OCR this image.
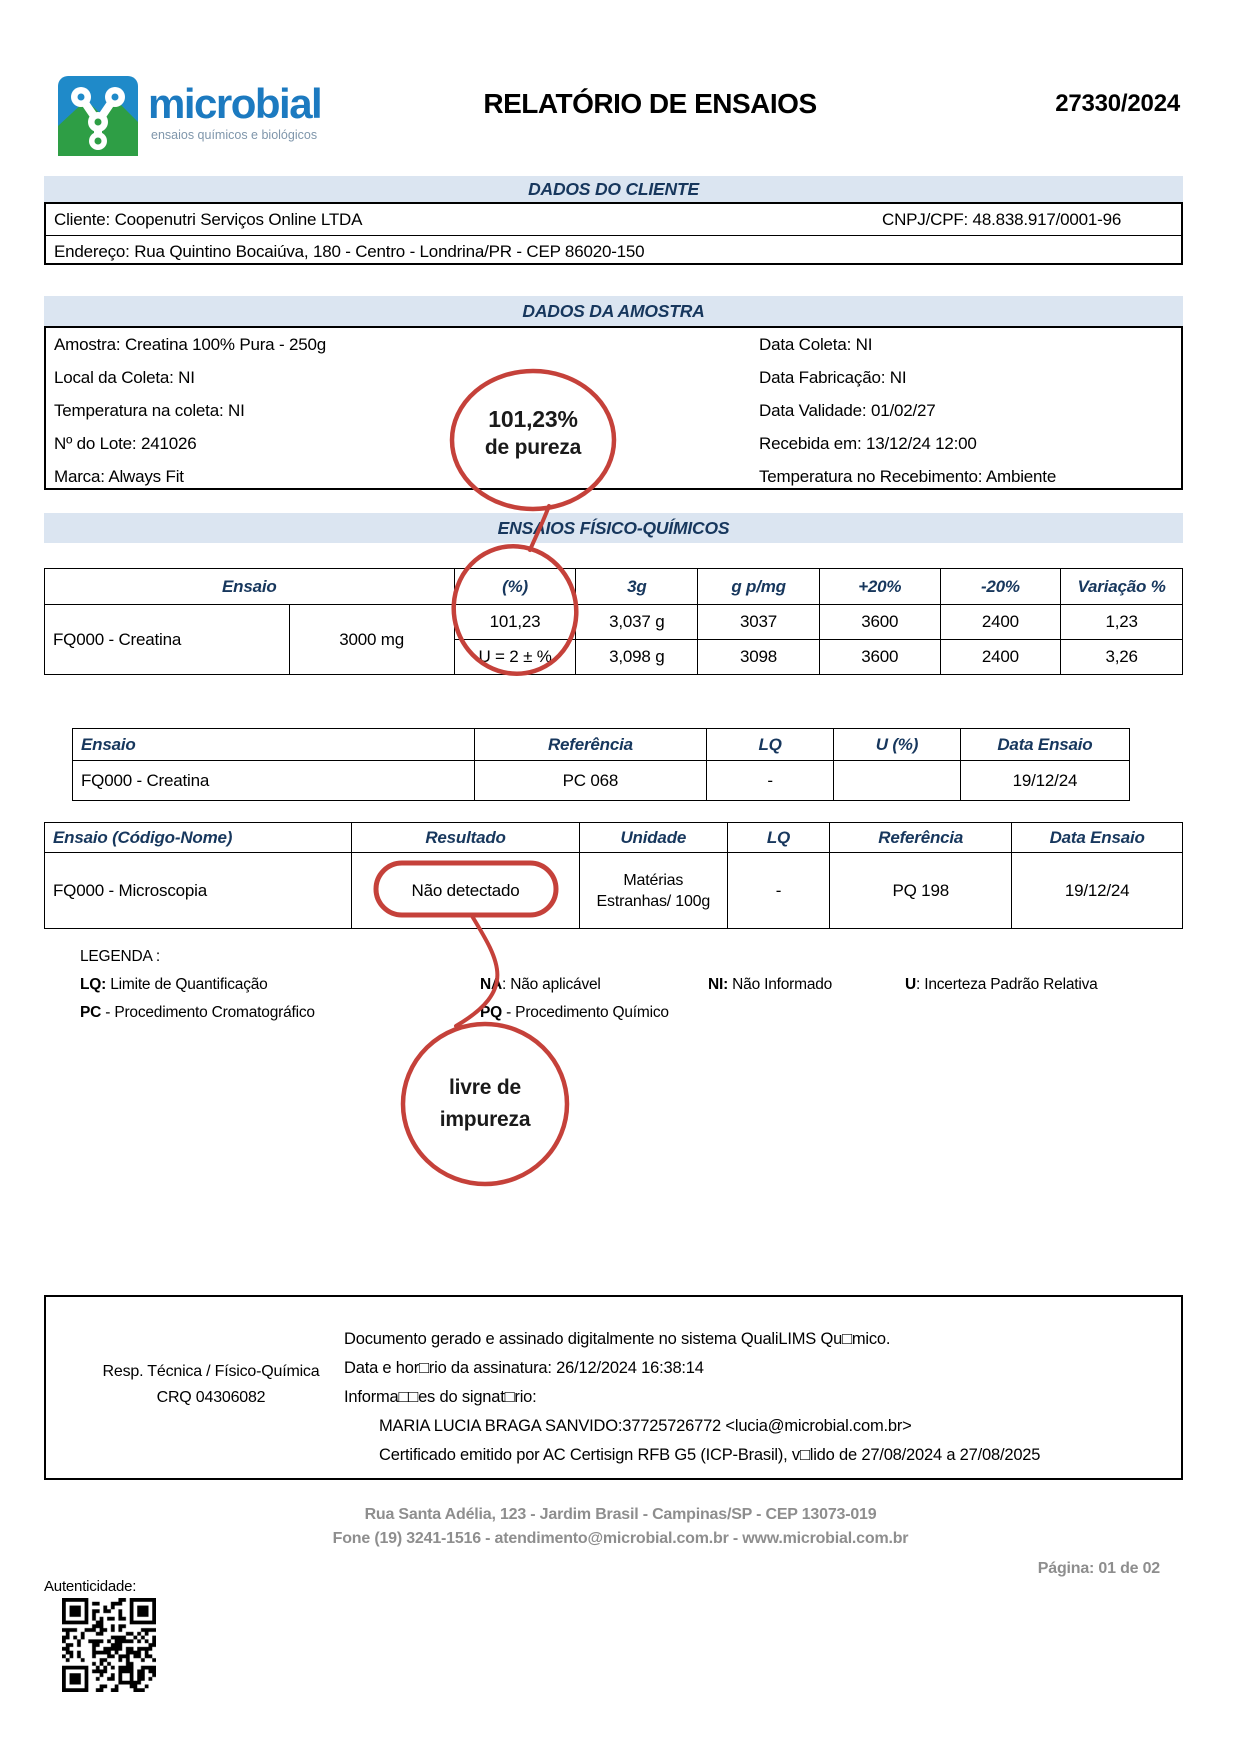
microbial
ensaios químicos e biológicos
RELATÓRIO DE ENSAIOS	27330/2024
DADOS DO CLIENTE
Cliente: Coopenutri Serviços Online LTDA	CNPJ/CPF: 48.838.917/0001-96
Endereço: Rua Quintino Bocaiúva, 180 - Centro - Londrina/PR - CEP 86020-150
DADOS DA AMOSTRA
Amostra: Creatina 100% Pura - 250g
Local da Coleta: NI
Temperatura na coleta: NI
Nº do Lote: 241026
Marca: Always Fit
Data Coleta: NI
Data Fabricação: NI
Data Validade: 01/02/27
Recebida em: 13/12/24 12:00
Temperatura no Recebimento: Ambiente
ENSAIOS FÍSICO-QUÍMICOS
Ensaio		(%)	3g	g p/mg	+20%	-20%	Variação %
FQ000 - Creatina	3000 mg	101,23	3,037 g	3037	3600	2400	1,23
		U = 2 ± %	3,098 g	3098	3600	2400	3,26
Ensaio	Referência	LQ	U (%)	Data Ensaio
FQ000 - Creatina	PC 068	-		19/12/24
Ensaio (Código-Nome)	Resultado	Unidade	LQ	Referência	Data Ensaio
FQ000 - Microscopia	Não detectado	Matérias Estranhas/ 100g	-	PQ 198	19/12/24
LEGENDA :
LQ: Limite de Quantificação	NA: Não aplicável	NI: Não Informado	U: Incerteza Padrão Relativa
PC - Procedimento Cromatográfico	PQ - Procedimento Químico
101,23%
de pureza
livre de
impureza
Resp. Técnica / Físico-Química
CRQ 04306082
Documento gerado e assinado digitalmente no sistema QualiLIMS Qu□mico.
Data e hor□rio da assinatura: 26/12/2024 16:38:14
Informa□□es do signat□rio:
MARIA LUCIA BRAGA SANVIDO:37725726772 <lucia@microbial.com.br>
Certificado emitido por AC Certisign RFB G5 (ICP-Brasil), v□lido de 27/08/2024 a 27/08/2025
Rua Santa Adélia, 123 - Jardim Brasil - Campinas/SP - CEP 13073-019
Fone (19) 3241-1516 - atendimento@microbial.com.br - www.microbial.com.br
Página: 01 de 02
Autenticidade:
